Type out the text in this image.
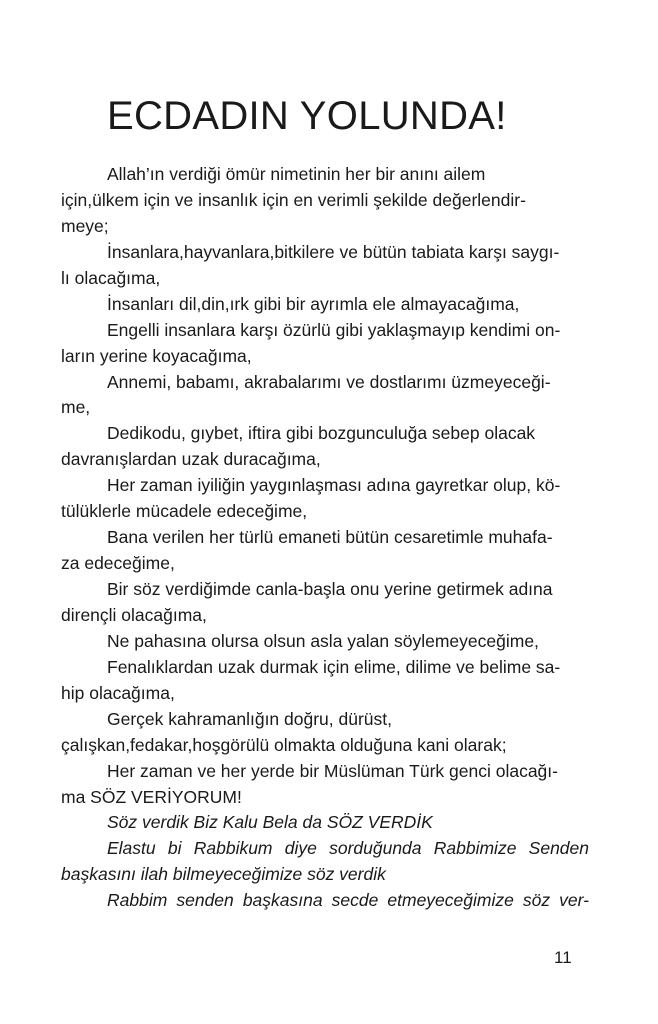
ECDADIN YOLUNDA!
Allah’ın verdiği ömür nimetinin her bir anını ailem
için,ülkem için ve insanlık için en verimli şekilde değerlendir-
meye;
İnsanlara,hayvanlara,bitkilere ve bütün tabiata karşı saygı-
lı olacağıma,
İnsanları dil,din,ırk gibi bir ayrımla ele almayacağıma,
Engelli insanlara karşı özürlü gibi yaklaşmayıp kendimi on-
ların yerine koyacağıma,
Annemi, babamı, akrabalarımı ve dostlarımı üzmeyeceği-
me,
Dedikodu, gıybet, iftira gibi bozgunculuğa sebep olacak
davranışlardan uzak duracağıma,
Her zaman iyiliğin yaygınlaşması adına gayretkar olup, kö-
tülüklerle mücadele edeceğime,
Bana verilen her türlü emaneti bütün cesaretimle muhafa-
za edeceğime,
Bir söz verdiğimde canla-başla onu yerine getirmek adına
dirençli olacağıma,
Ne pahasına olursa olsun asla yalan söylemeyeceğime,
Fenalıklardan uzak durmak için elime, dilime ve belime sa-
hip olacağıma,
Gerçek kahramanlığın doğru, dürüst,
çalışkan,fedakar,hoşgörülü olmakta olduğuna kani olarak;
Her zaman ve her yerde bir Müslüman Türk genci olacağı-
ma SÖZ VERİYORUM!
Söz verdik Biz Kalu Bela da SÖZ VERDİK
Elastu bi Rabbikum diye sorduğunda Rabbimize Senden
başkasını ilah bilmeyeceğimize söz verdik
Rabbim senden başkasına secde etmeyeceğimize söz ver-
11
